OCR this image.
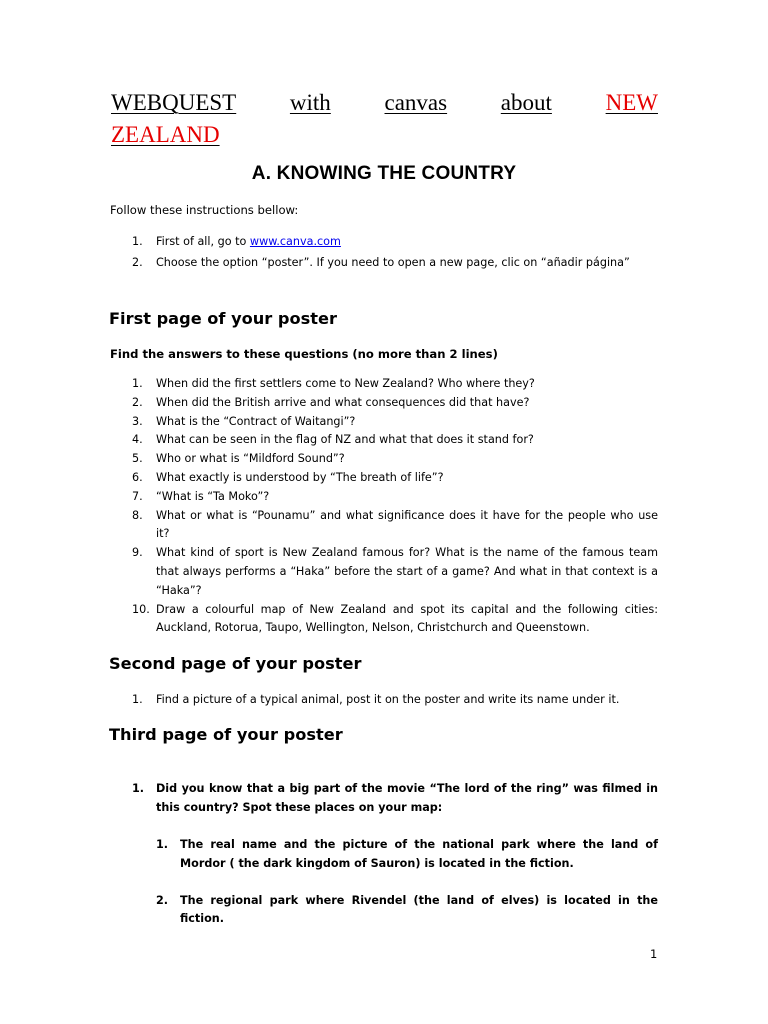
WEBQUEST with canvas about NEW
ZEALAND
A. KNOWING THE COUNTRY
Follow these instructions bellow:
1. First of all, go to www.canva.com
2. Choose the option “poster”. If you need to open a new page, clic on “añadir página”
First page of your poster
Find the answers to these questions (no more than 2 lines)
1. When did the first settlers come to New Zealand? Who where they?
2. When did the British arrive and what consequences did that have?
3. What is the “Contract of Waitangi”?
4. What can be seen in the flag of NZ and what that does it stand for?
5. Who or what is “Mildford Sound”?
6. What exactly is understood by “The breath of life”?
7. “What is “Ta Moko”?
8. What or what is “Pounamu” and what significance does it have for the people who use it?
9. What kind of sport is New Zealand famous for? What is the name of the famous team that always performs a “Haka” before the start of a game? And what in that context is a “Haka”?
10. Draw a colourful map of New Zealand and spot its capital and the following cities: Auckland, Rotorua, Taupo, Wellington, Nelson, Christchurch and Queenstown.
Second page of your poster
1. Find a picture of a typical animal, post it on the poster and write its name under it.
Third page of your poster
1. Did you know that a big part of the movie “The lord of the ring” was filmed in this country? Spot these places on your map:
1. The real name and the picture of the national park where the land of Mordor ( the dark kingdom of Sauron) is located in the fiction.
2. The regional park where Rivendel (the land of elves) is located in the fiction.
1
